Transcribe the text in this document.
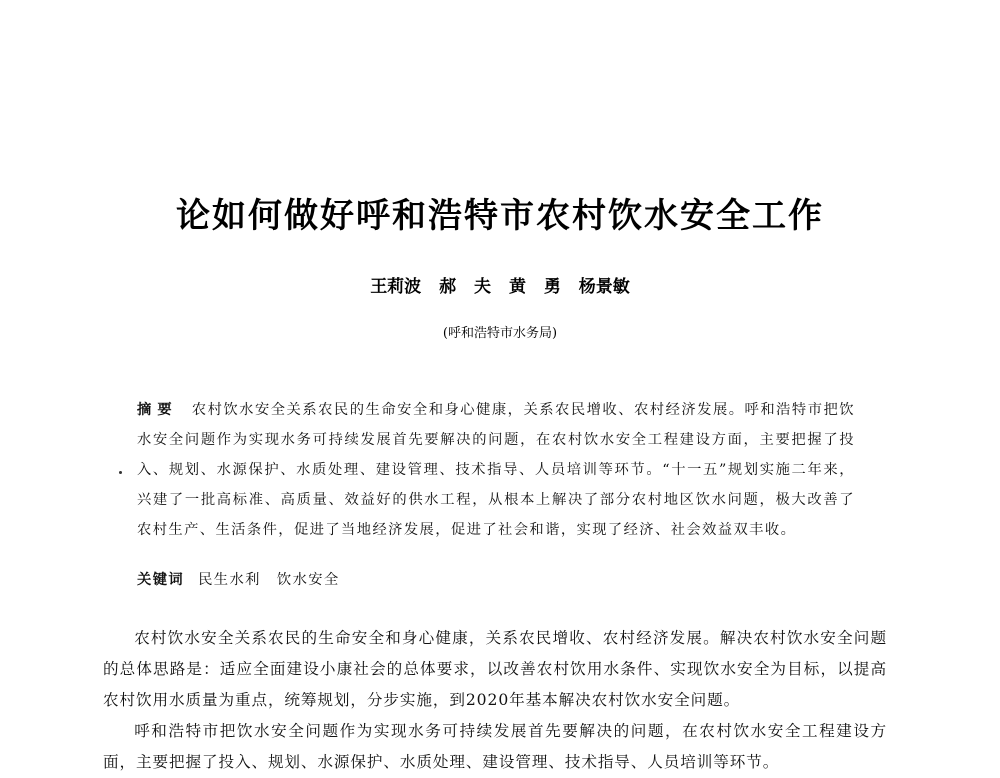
论如何做好呼和浩特市农村饮水安全工作
王莉波 郝 夫 黄 勇 杨景敏
(呼和浩特市水务局)
摘要 农村饮水安全关系农民的生命安全和身心健康，关系农民增收、农村经济发展。呼和浩特市把饮水安全问题作为实现水务可持续发展首先要解决的问题，在农村饮水安全工程建设方面，主要把握了投入、规划、水源保护、水质处理、建设管理、技术指导、人员培训等环节。“十一五”规划实施二年来，兴建了一批高标准、高质量、效益好的供水工程，从根本上解决了部分农村地区饮水问题，极大改善了农村生产、生活条件，促进了当地经济发展，促进了社会和谐，实现了经济、社会效益双丰收。
关键词 民生水利 饮水安全

农村饮水安全关系农民的生命安全和身心健康，关系农民增收、农村经济发展。解决农村饮水安全问题的总体思路是：适应全面建设小康社会的总体要求，以改善农村饮用水条件、实现饮水安全为目标，以提高农村饮用水质量为重点，统筹规划，分步实施，到2020年基本解决农村饮水安全问题。

呼和浩特市把饮水安全问题作为实现水务可持续发展首先要解决的问题，在农村饮水安全工程建设方面，主要把握了投入、规划、水源保护、水质处理、建设管理、技术指导、人员培训等环节。
